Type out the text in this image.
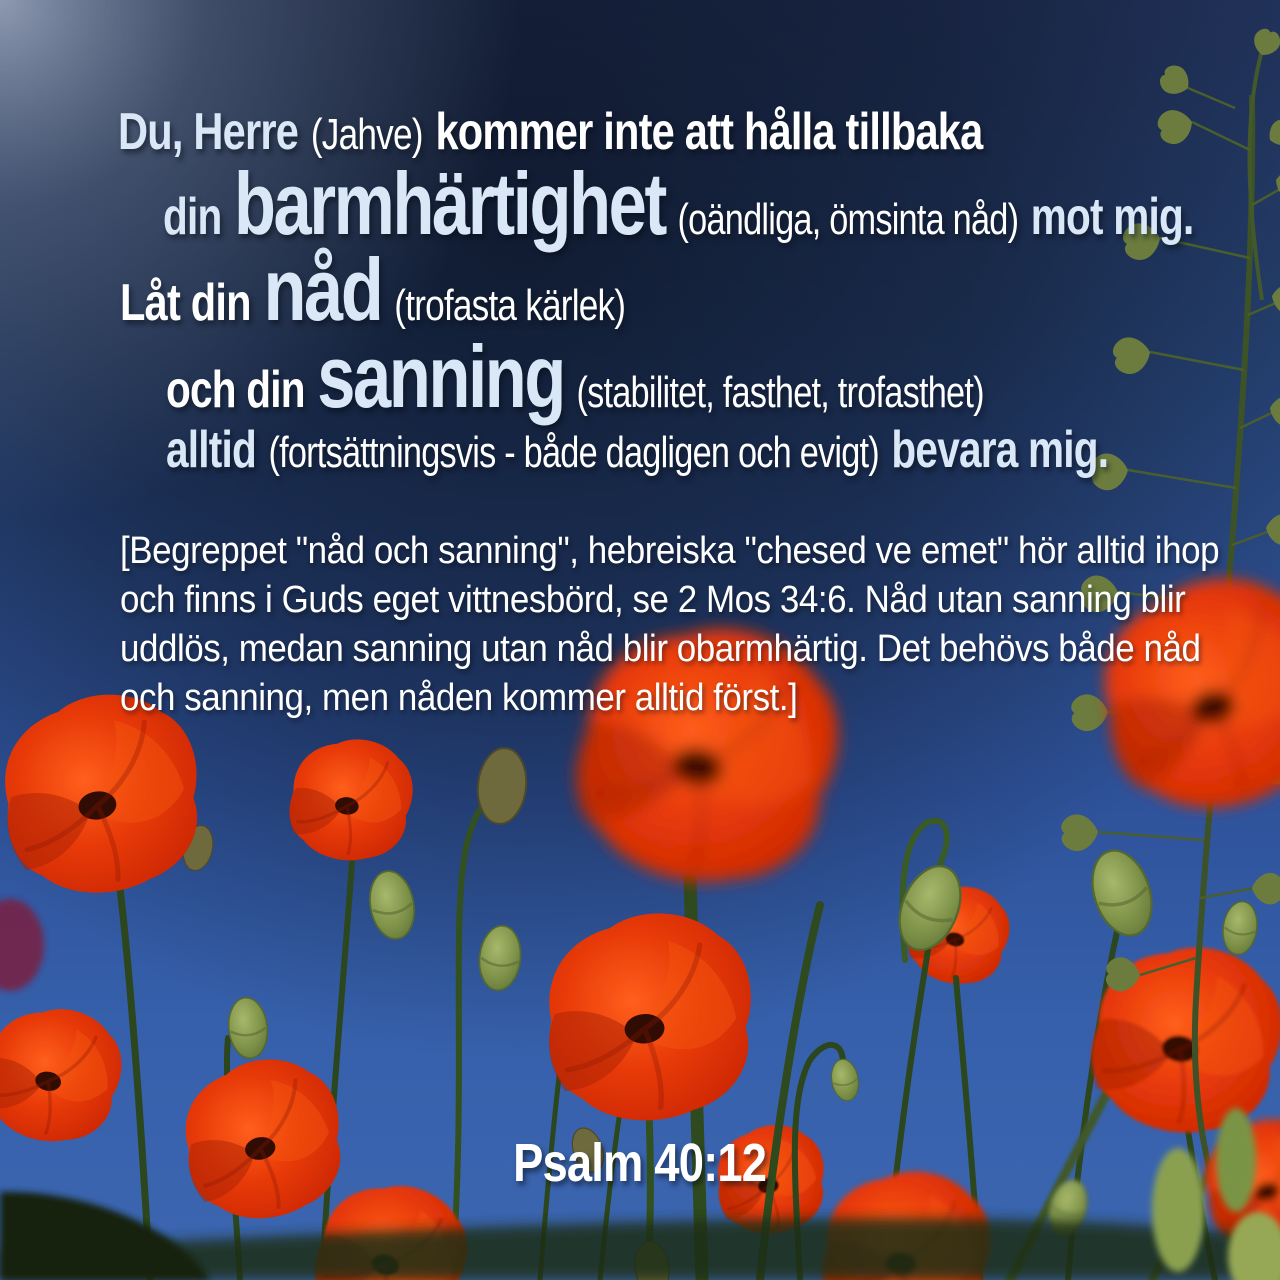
Du, Herre (Jahve) kommer inte att hålla tillbaka
din barmhärtighet (oändliga, ömsinta nåd) mot mig.
Låt din nåd (trofasta kärlek)
och din sanning (stabilitet, fasthet, trofasthet)
alltid (fortsättningsvis - både dagligen och evigt) bevara mig.
[Begreppet "nåd och sanning", hebreiska "chesed ve emet" hör alltid ihop
och finns i Guds eget vittnesbörd, se 2 Mos 34:6. Nåd utan sanning blir
uddlös, medan sanning utan nåd blir obarmhärtig. Det behövs både nåd
och sanning, men nåden kommer alltid först.]
Psalm 40:12
